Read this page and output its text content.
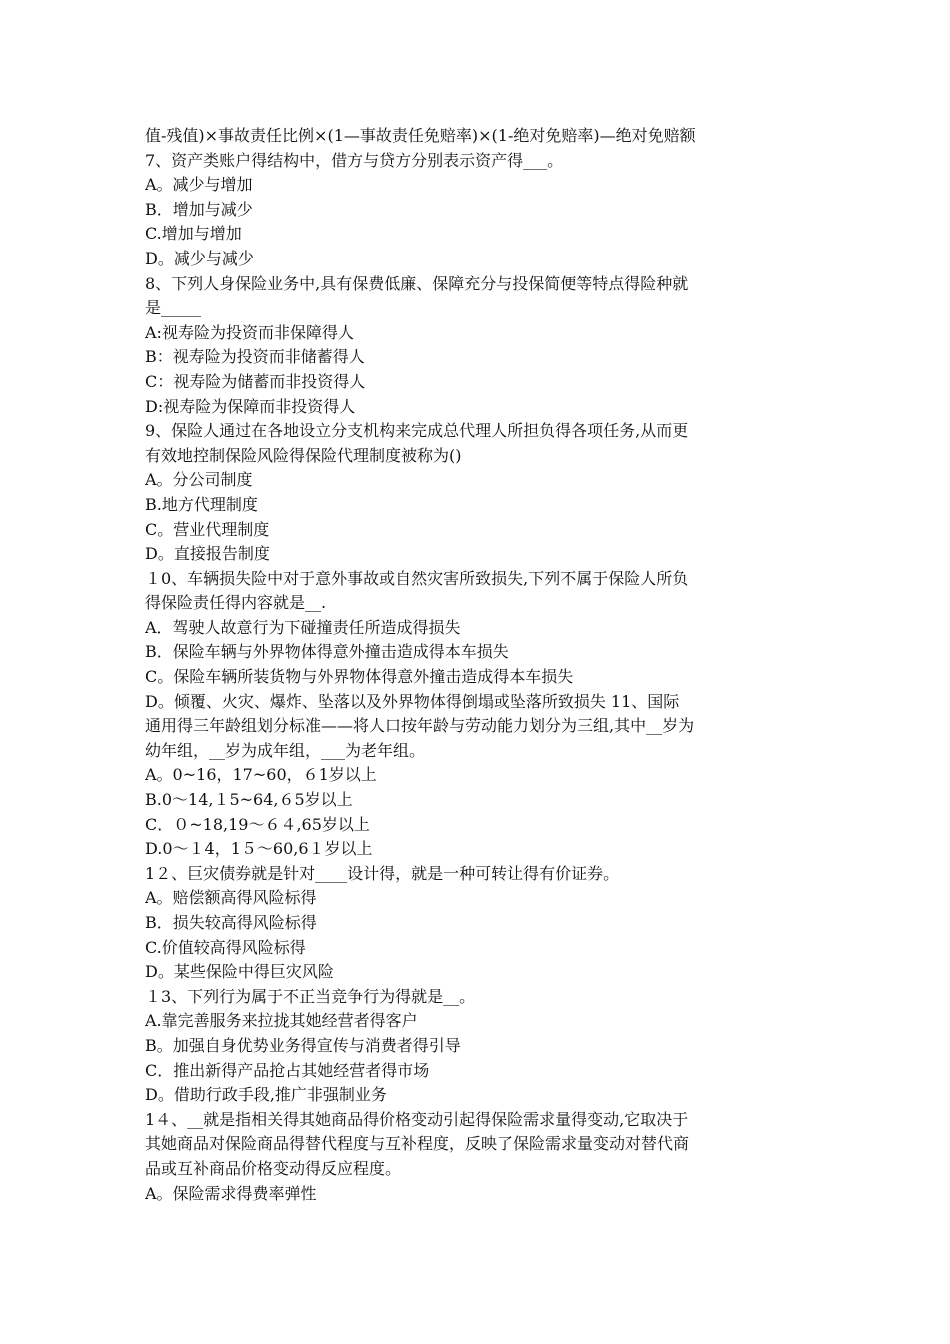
值-残值)×事故责任比例×(1—事故责任免赔率)×(1-绝对免赔率)—绝对免赔额
7、资产类账户得结构中，借方与贷方分别表示资产得___。
A。减少与增加
B．增加与减少
C.增加与增加
D。减少与减少
8、下列人身保险业务中,具有保费低廉、保障充分与投保简便等特点得险种就
是_____
A:视寿险为投资而非保障得人
B：视寿险为投资而非储蓄得人
C：视寿险为储蓄而非投资得人
D:视寿险为保障而非投资得人
9、保险人通过在各地设立分支机构来完成总代理人所担负得各项任务,从而更
有效地控制保险风险得保险代理制度被称为()
A。分公司制度
B.地方代理制度
C。营业代理制度
D。直接报告制度
１0、车辆损失险中对于意外事故或自然灾害所致损失,下列不属于保险人所负
得保险责任得内容就是__.
A．驾驶人故意行为下碰撞责任所造成得损失
B．保险车辆与外界物体得意外撞击造成得本车损失
C。保险车辆所装货物与外界物体得意外撞击造成得本车损失
D。倾覆、火灾、爆炸、坠落以及外界物体得倒塌或坠落所致损失 11、国际
通用得三年龄组划分标准——将人口按年龄与劳动能力划分为三组,其中__岁为
幼年组，__岁为成年组，___为老年组。
A。0~16，17~60，６1岁以上
B.0～14,１5~64,６5岁以上
C．０~18,19～６４,65岁以上
D.0～１4，1５～60,6１岁以上
1２、巨灾债券就是针对____设计得，就是一种可转让得有价证券。
A。赔偿额高得风险标得
B．损失较高得风险标得
C.价值较高得风险标得
D。某些保险中得巨灾风险
１3、下列行为属于不正当竞争行为得就是__。
A.靠完善服务来拉拢其她经营者得客户
B。加强自身优势业务得宣传与消费者得引导
C．推出新得产品抢占其她经营者得市场
D。借助行政手段,推广非强制业务
1４、__就是指相关得其她商品得价格变动引起得保险需求量得变动,它取决于
其她商品对保险商品得替代程度与互补程度，反映了保险需求量变动对替代商
品或互补商品价格变动得反应程度。
A。保险需求得费率弹性
